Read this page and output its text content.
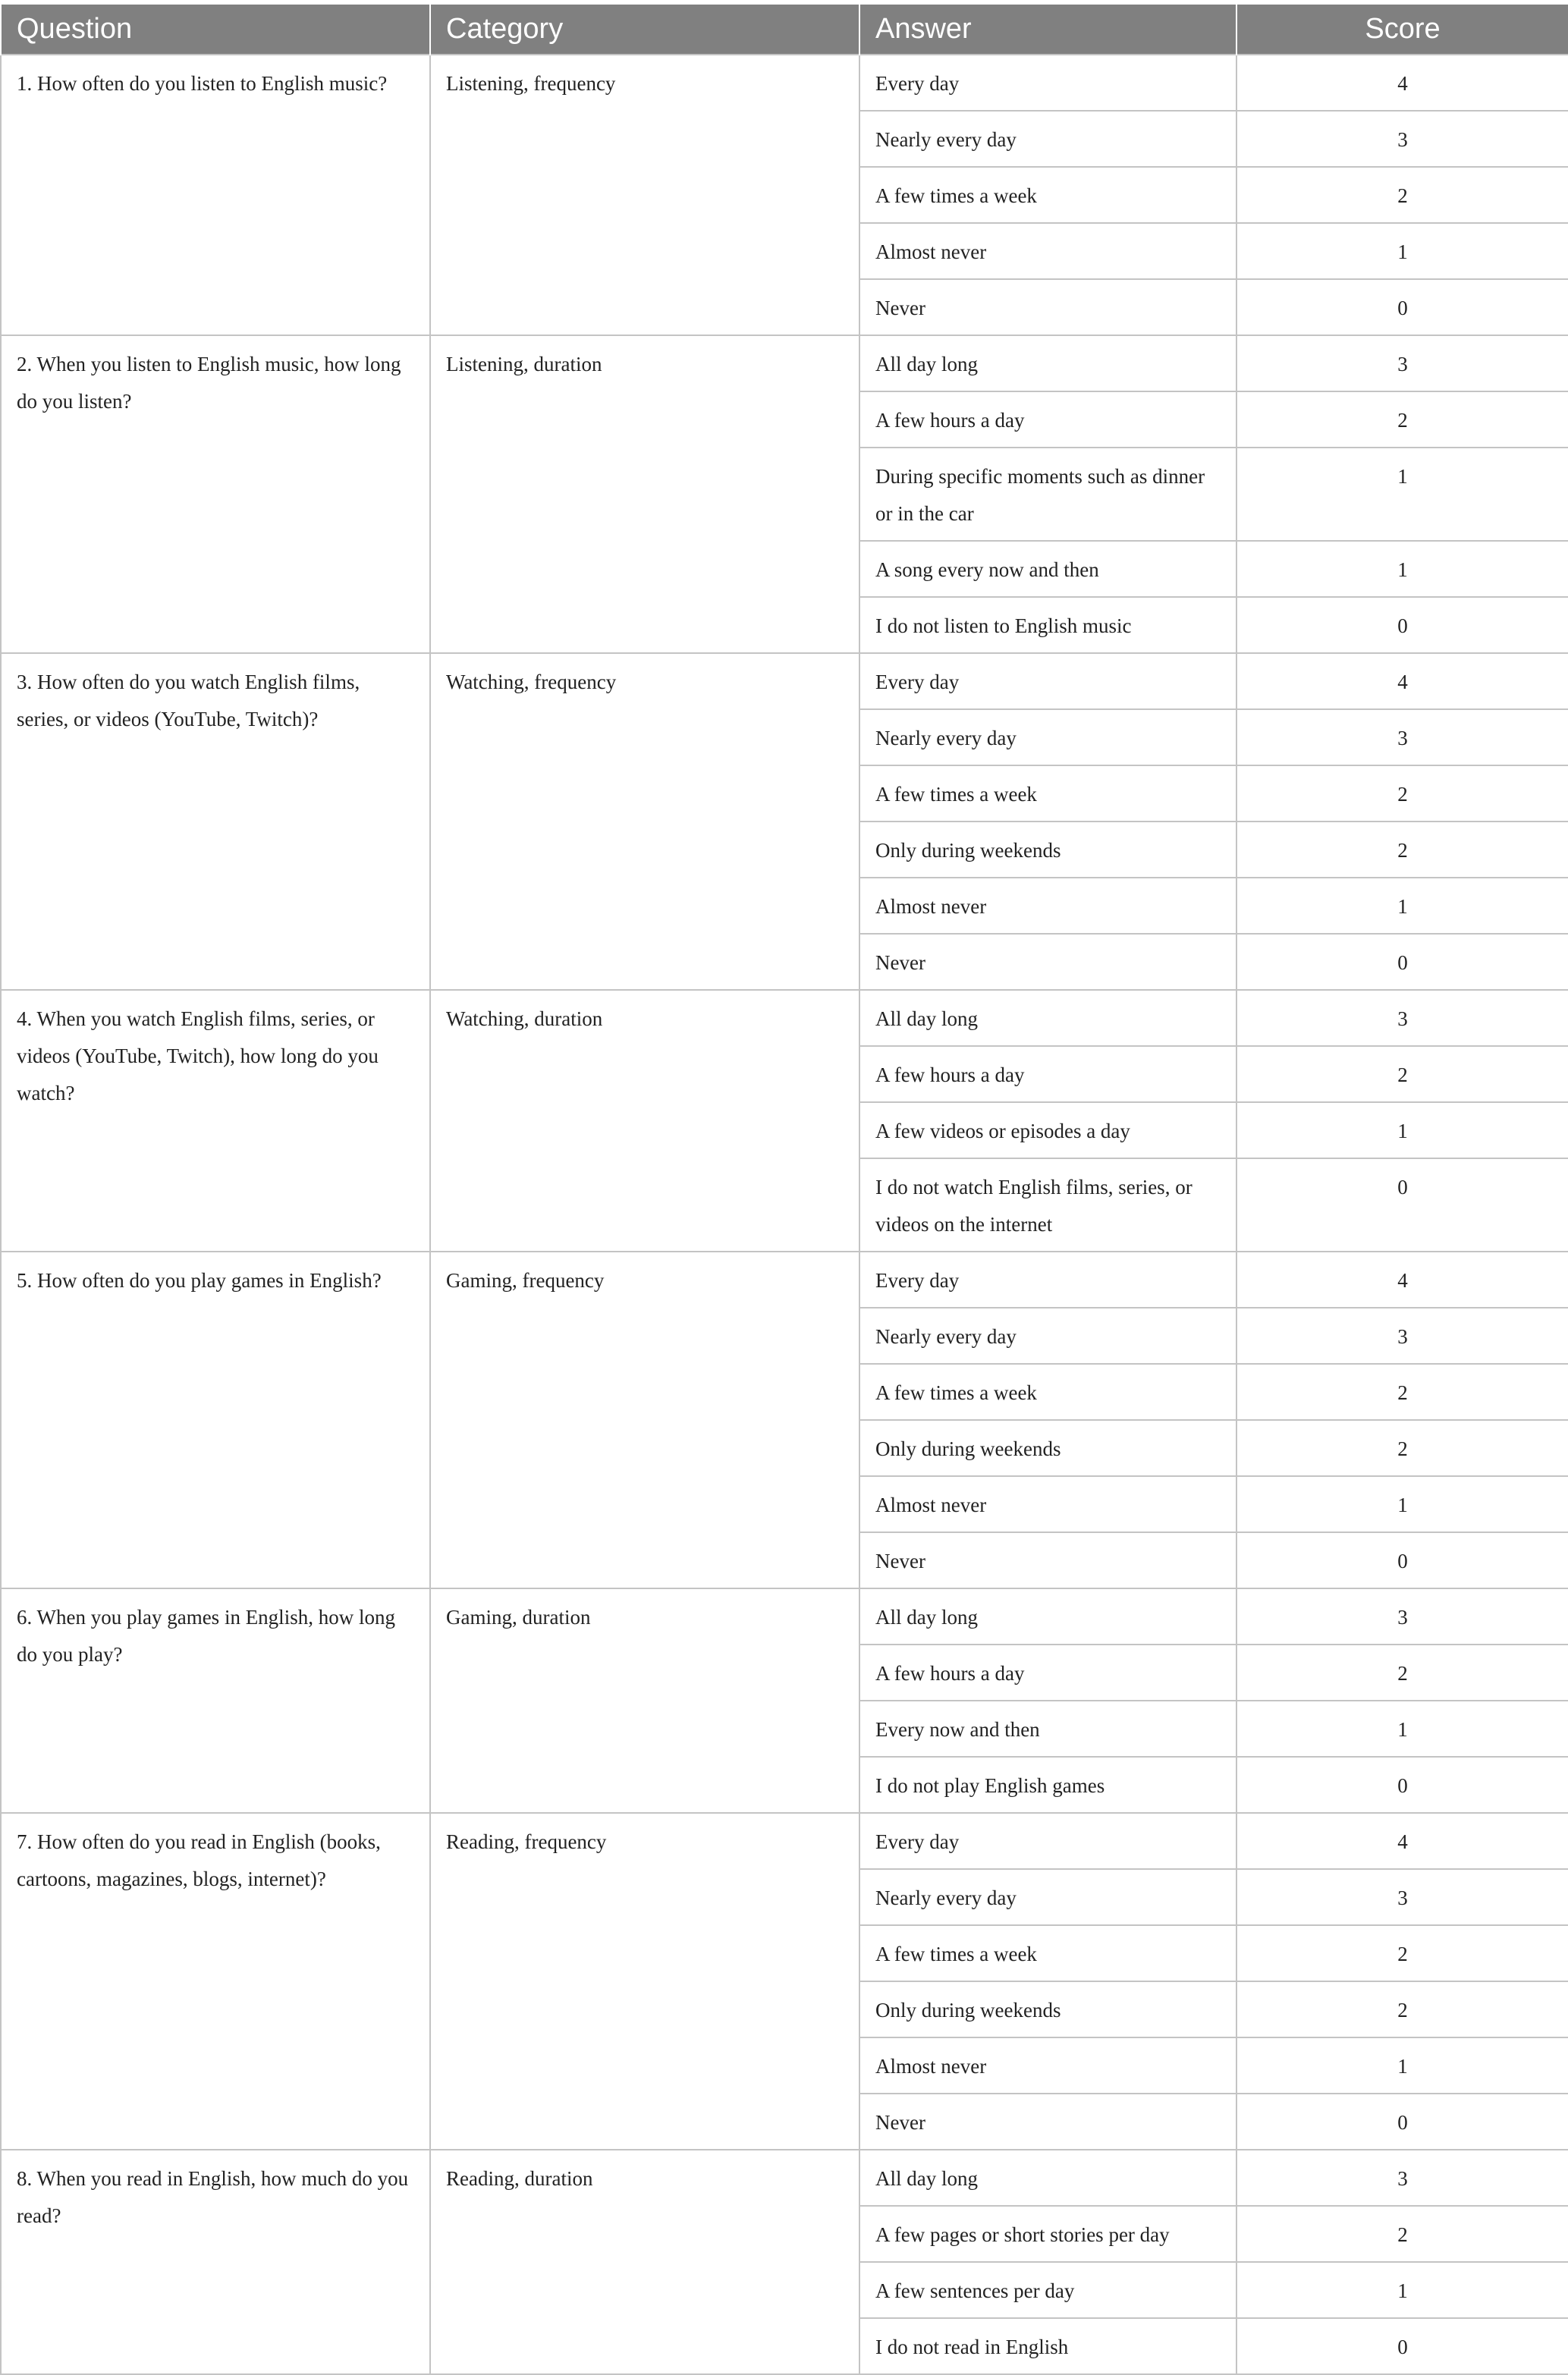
Question	Category	Answer	Score
1. How often do you listen to English music?	Listening, frequency	Every day	4
		Nearly every day	3
		A few times a week	2
		Almost never	1
		Never	0
2. When you listen to English music, how long do you listen?	Listening, duration	All day long	3
		A few hours a day	2
		During specific moments such as dinner or in the car	1
		A song every now and then	1
		I do not listen to English music	0
3. How often do you watch English films, series, or videos (YouTube, Twitch)?	Watching, frequency	Every day	4
		Nearly every day	3
		A few times a week	2
		Only during weekends	2
		Almost never	1
		Never	0
4. When you watch English films, series, or videos (YouTube, Twitch), how long do you watch?	Watching, duration	All day long	3
		A few hours a day	2
		A few videos or episodes a day	1
		I do not watch English films, series, or videos on the internet	0
5. How often do you play games in English?	Gaming, frequency	Every day	4
		Nearly every day	3
		A few times a week	2
		Only during weekends	2
		Almost never	1
		Never	0
6. When you play games in English, how long do you play?	Gaming, duration	All day long	3
		A few hours a day	2
		Every now and then	1
		I do not play English games	0
7. How often do you read in English (books, cartoons, magazines, blogs, internet)?	Reading, frequency	Every day	4
		Nearly every day	3
		A few times a week	2
		Only during weekends	2
		Almost never	1
		Never	0
8. When you read in English, how much do you read?	Reading, duration	All day long	3
		A few pages or short stories per day	2
		A few sentences per day	1
		I do not read in English	0
